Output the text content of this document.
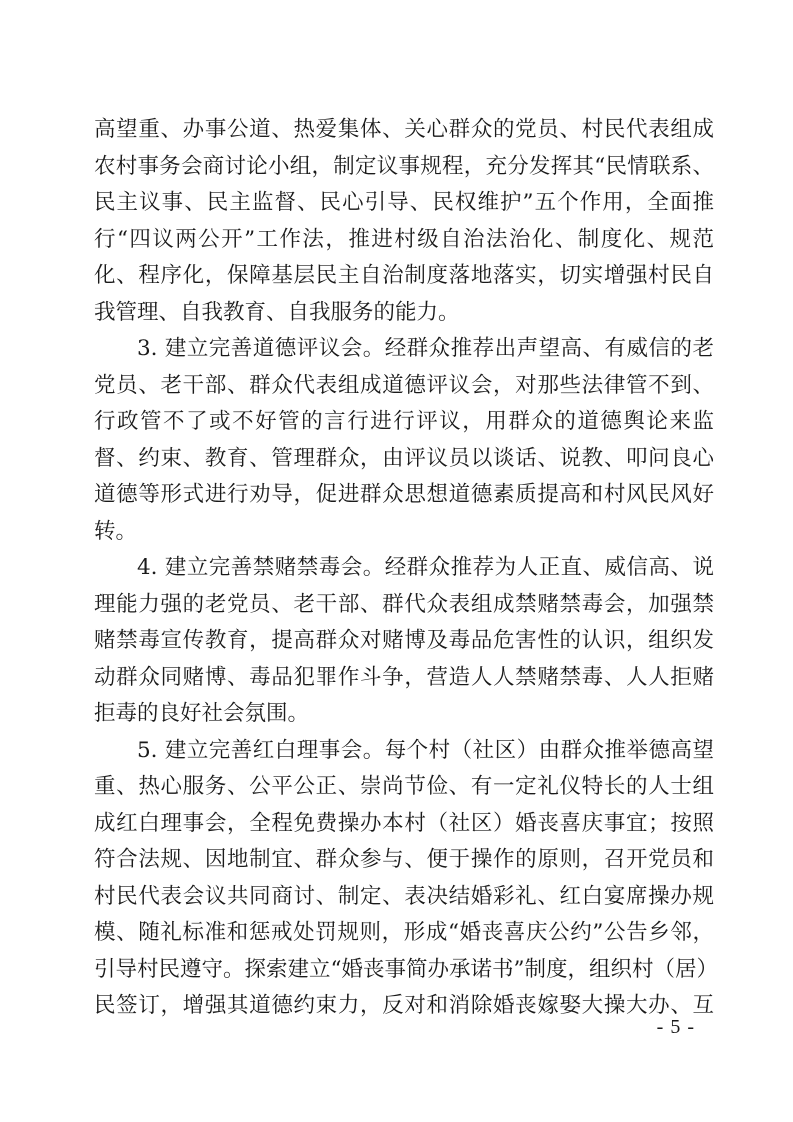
高望重、办事公道、热爱集体、关心群众的党员、村民代表组成
农村事务会商讨论小组，制定议事规程，充分发挥其“民情联系、
民主议事、民主监督、民心引导、民权维护”五个作用，全面推
行“四议两公开”工作法，推进村级自治法治化、制度化、规范
化、程序化，保障基层民主自治制度落地落实，切实增强村民自
我管理、自我教育、自我服务的能力。
3. 建立完善道德评议会。经群众推荐出声望高、有威信的老
党员、老干部、群众代表组成道德评议会，对那些法律管不到、
行政管不了或不好管的言行进行评议，用群众的道德舆论来监
督、约束、教育、管理群众，由评议员以谈话、说教、叩问良心
道德等形式进行劝导，促进群众思想道德素质提高和村风民风好
转。
4. 建立完善禁赌禁毒会。经群众推荐为人正直、威信高、说
理能力强的老党员、老干部、群代众表组成禁赌禁毒会，加强禁
赌禁毒宣传教育，提高群众对赌博及毒品危害性的认识，组织发
动群众同赌博、毒品犯罪作斗争，营造人人禁赌禁毒、人人拒赌
拒毒的良好社会氛围。
5. 建立完善红白理事会。每个村（社区）由群众推举德高望
重、热心服务、公平公正、崇尚节俭、有一定礼仪特长的人士组
成红白理事会，全程免费操办本村（社区）婚丧喜庆事宜；按照
符合法规、因地制宜、群众参与、便于操作的原则，召开党员和
村民代表会议共同商讨、制定、表决结婚彩礼、红白宴席操办规
模、随礼标准和惩戒处罚规则，形成“婚丧喜庆公约”公告乡邻，
引导村民遵守。探索建立“婚丧事简办承诺书”制度，组织村（居）
民签订，增强其道德约束力，反对和消除婚丧嫁娶大操大办、互
- 5 -
